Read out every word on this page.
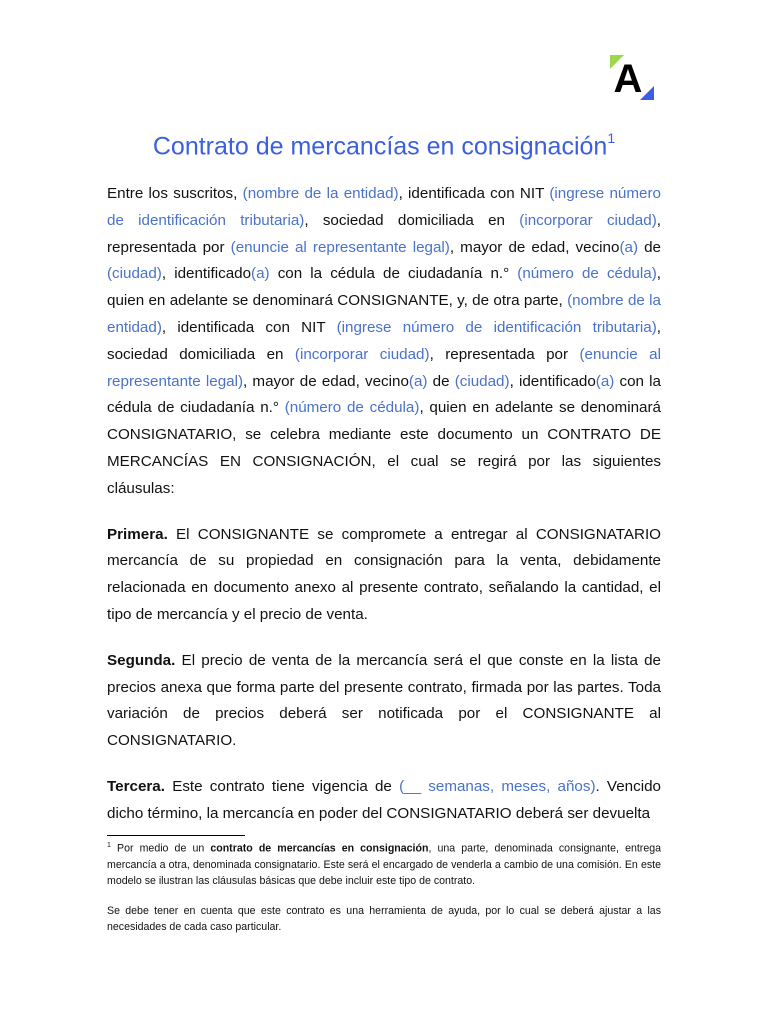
A
Contrato de mercancías en consignación$^1$

Entre los suscritos, (nombre de la entidad), identificada con NIT (ingrese número de identificación tributaria), sociedad domiciliada en (incorporar ciudad), representada por (enuncie al representante legal), mayor de edad, vecino(a) de (ciudad), identificado(a) con la cédula de ciudadanía n.° (número de cédula), quien en adelante se denominará CONSIGNANTE, y, de otra parte, (nombre de la entidad), identificada con NIT (ingrese número de identificación tributaria), sociedad domiciliada en (incorporar ciudad), representada por (enuncie al representante legal), mayor de edad, vecino(a) de (ciudad), identificado(a) con la cédula de ciudadanía n.° (número de cédula), quien en adelante se denominará CONSIGNATARIO, se celebra mediante este documento un CONTRATO DE MERCANCÍAS EN CONSIGNACIÓN, el cual se regirá por las siguientes cláusulas:

Primera. El CONSIGNANTE se compromete a entregar al CONSIGNATARIO mercancía de su propiedad en consignación para la venta, debidamente relacionada en documento anexo al presente contrato, señalando la cantidad, el tipo de mercancía y el precio de venta.

Segunda. El precio de venta de la mercancía será el que conste en la lista de precios anexa que forma parte del presente contrato, firmada por las partes. Toda variación de precios deberá ser notificada por el CONSIGNANTE al CONSIGNATARIO.

Tercera. Este contrato tiene vigencia de (__ semanas, meses, años). Vencido dicho término, la mercancía en poder del CONSIGNATARIO deberá ser devuelta

$^1$ Por medio de un contrato de mercancías en consignación, una parte, denominada consignante, entrega mercancía a otra, denominada consignatario. Este será el encargado de venderla a cambio de una comisión. En este modelo se ilustran las cláusulas básicas que debe incluir este tipo de contrato.

Se debe tener en cuenta que este contrato es una herramienta de ayuda, por lo cual se deberá ajustar a las necesidades de cada caso particular.
